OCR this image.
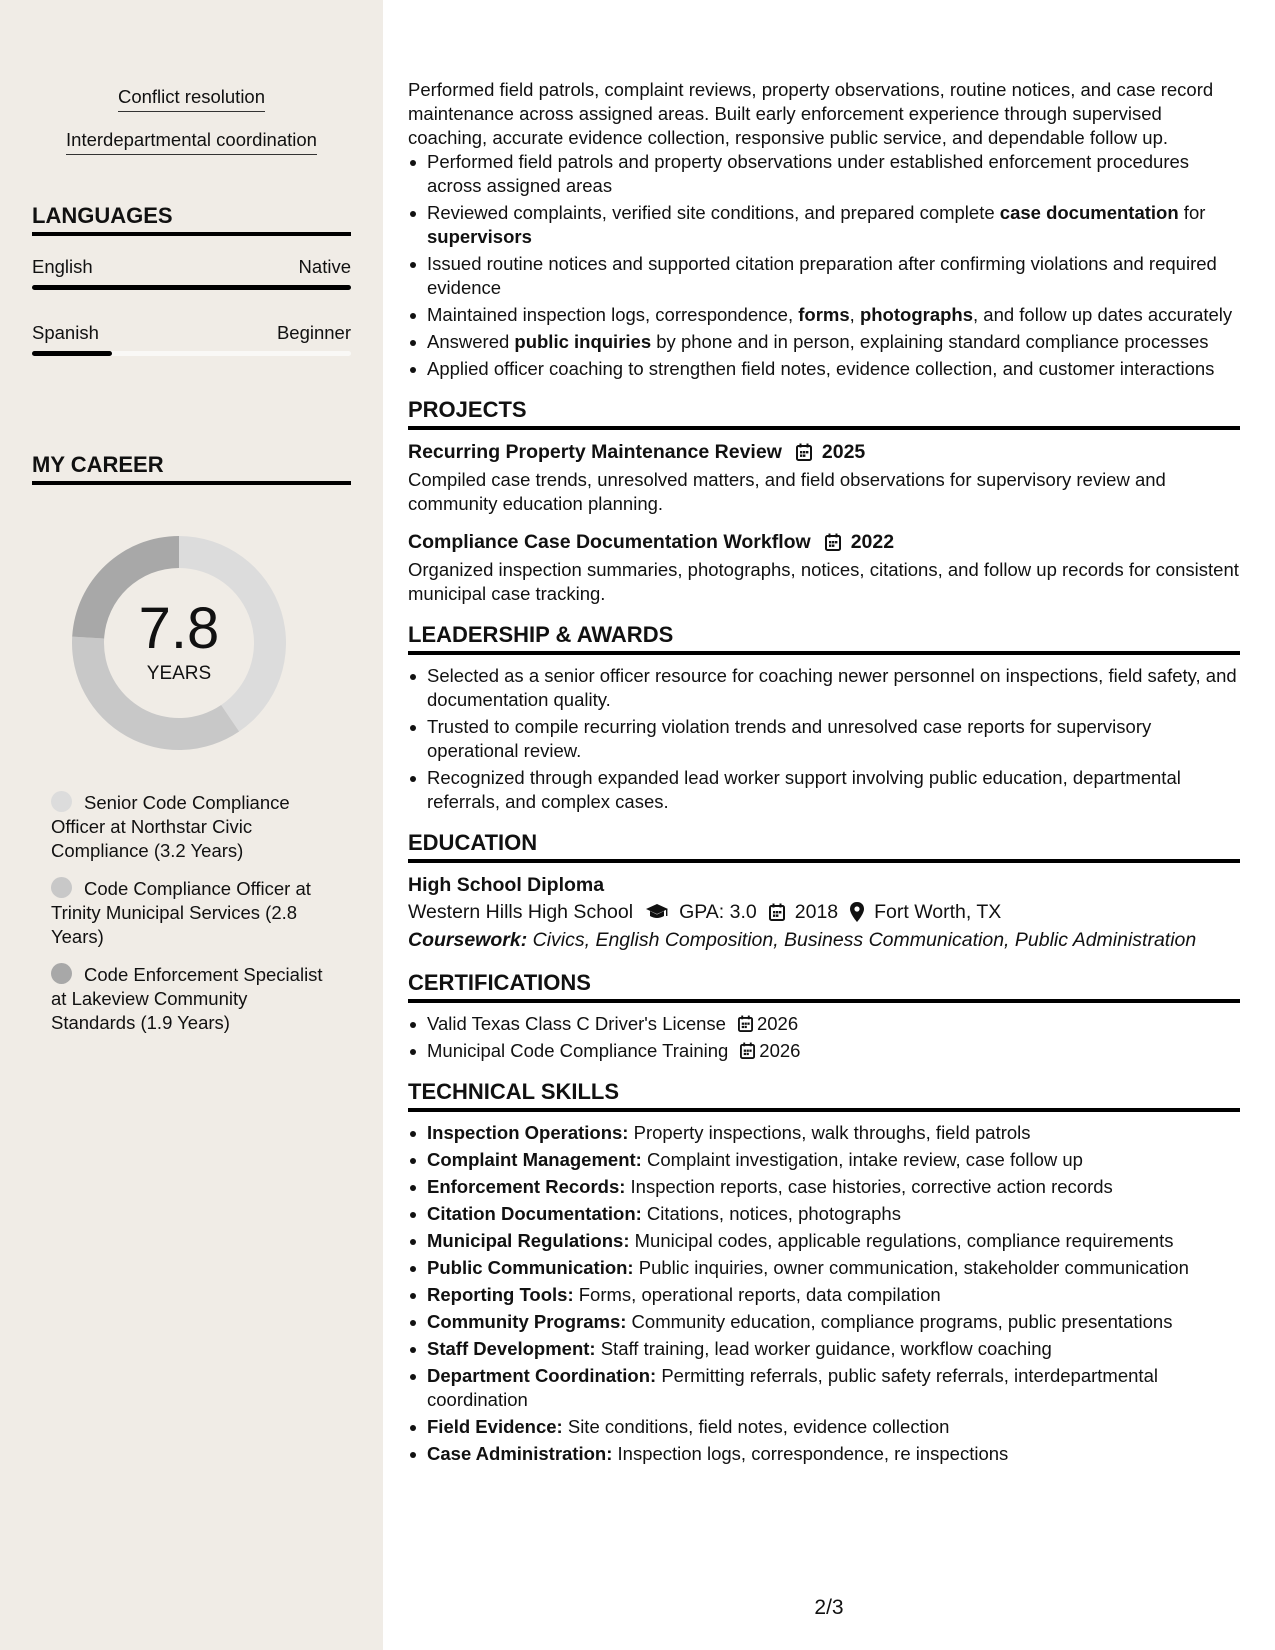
Conflict resolution
Interdepartmental coordination
LANGUAGES
English	Native
Spanish	Beginner
MY CAREER
7.8
YEARS
Senior Code Compliance Officer at Northstar Civic Compliance (3.2 Years)
Code Compliance Officer at Trinity Municipal Services (2.8 Years)
Code Enforcement Specialist at Lakeview Community Standards (1.9 Years)

Performed field patrols, complaint reviews, property observations, routine notices, and case record maintenance across assigned areas. Built early enforcement experience through supervised coaching, accurate evidence collection, responsive public service, and dependable follow up.

Performed field patrols and property observations under established enforcement procedures across assigned areas
Reviewed complaints, verified site conditions, and prepared complete case documentation for supervisors
Issued routine notices and supported citation preparation after confirming violations and required evidence
Maintained inspection logs, correspondence, forms, photographs, and follow up dates accurately
Answered public inquiries by phone and in person, explaining standard compliance processes
Applied officer coaching to strengthen field notes, evidence collection, and customer interactions
PROJECTS
Recurring Property Maintenance Review 2025

Compiled case trends, unresolved matters, and field observations for supervisory review and community education planning.

Compliance Case Documentation Workflow 2022

Organized inspection summaries, photographs, notices, citations, and follow up records for consistent municipal case tracking.

LEADERSHIP & AWARDS
Selected as a senior officer resource for coaching newer personnel on inspections, field safety, and documentation quality.
Trusted to compile recurring violation trends and unresolved case reports for supervisory operational review.
Recognized through expanded lead worker support involving public education, departmental referrals, and complex cases.
EDUCATION
High School Diploma
Western Hills High School GPA: 3.0 2018 Fort Worth, TX
Coursework: Civics, English Composition, Business Communication, Public Administration
CERTIFICATIONS
Valid Texas Class C Driver's License 2026
Municipal Code Compliance Training 2026
TECHNICAL SKILLS
Inspection Operations: Property inspections, walk throughs, field patrols
Complaint Management: Complaint investigation, intake review, case follow up
Enforcement Records: Inspection reports, case histories, corrective action records
Citation Documentation: Citations, notices, photographs
Municipal Regulations: Municipal codes, applicable regulations, compliance requirements
Public Communication: Public inquiries, owner communication, stakeholder communication
Reporting Tools: Forms, operational reports, data compilation
Community Programs: Community education, compliance programs, public presentations
Staff Development: Staff training, lead worker guidance, workflow coaching
Department Coordination: Permitting referrals, public safety referrals, interdepartmental coordination
Field Evidence: Site conditions, field notes, evidence collection
Case Administration: Inspection logs, correspondence, re inspections
2/3
